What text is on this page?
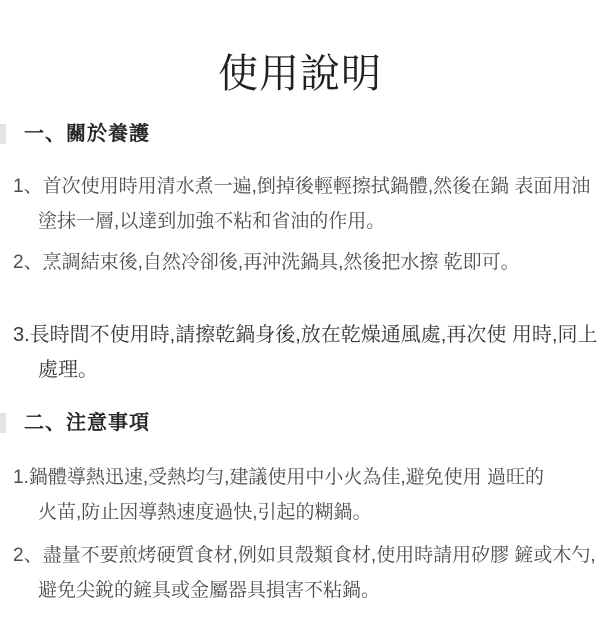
使用說明
一、關於養護
1、首次使用時用清水煮一遍,倒掉後輕輕擦拭鍋體,然後在鍋 表面用油
塗抹一層,以達到加強不粘和省油的作用。
2、烹調結束後,自然冷卻後,再沖洗鍋具,然後把水擦 乾即可。
3.長時間不使用時,請擦乾鍋身後,放在乾燥通風處,再次使 用時,同上
處理。
二、注意事項
1.鍋體導熱迅速,受熱均勻,建議使用中小火為佳,避免使用 過旺的
火苗,防止因導熱速度過快,引起的糊鍋。
2、盡量不要煎烤硬質食材,例如貝殼類食材,使用時請用矽膠 鏟或木勺,
避免尖銳的鏟具或金屬器具損害不粘鍋。
